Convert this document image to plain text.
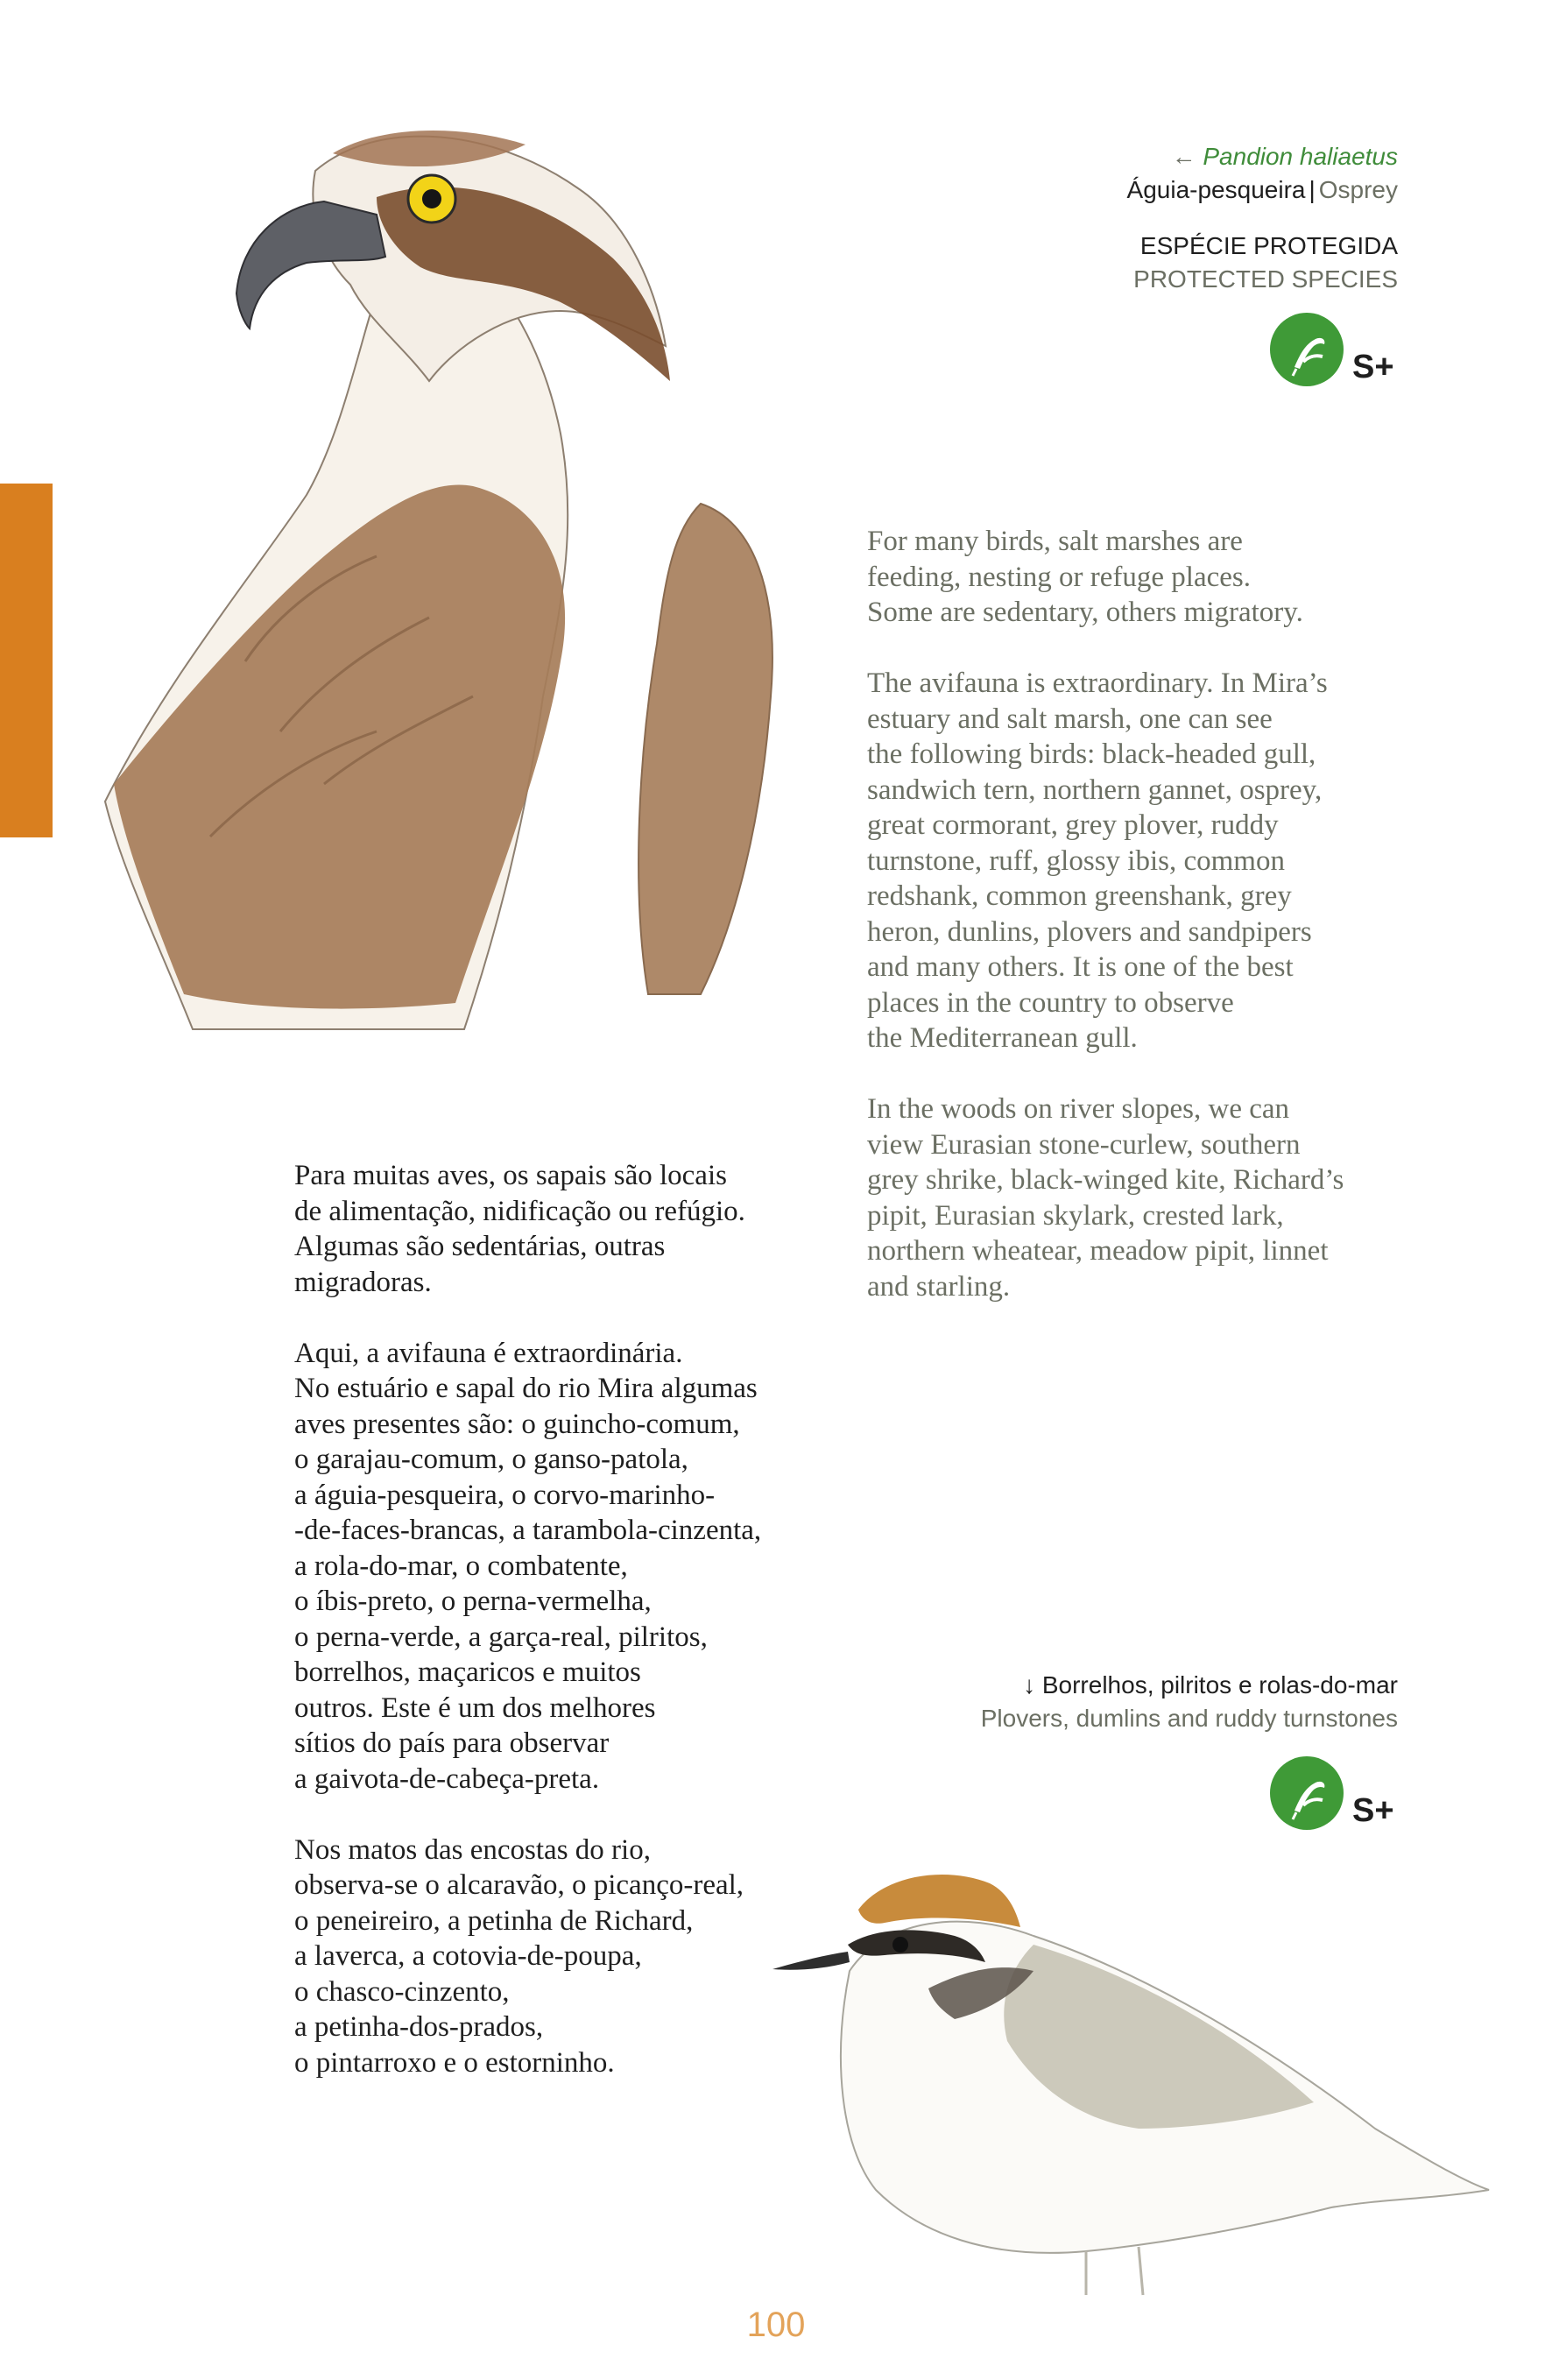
← Pandion haliaetus
Águia-pesqueira | Osprey
ESPÉCIE PROTEGIDA
PROTECTED SPECIES
S+

For many birds, salt marshes are
feeding, nesting or refuge places.
Some are sedentary, others migratory.

The avifauna is extraordinary. In Mira’s
estuary and salt marsh, one can see
the following birds: black-headed gull,
sandwich tern, northern gannet, osprey,
great cormorant, grey plover, ruddy
turnstone, ruff, glossy ibis, common
redshank, common greenshank, grey
heron, dunlins, plovers and sandpipers
and many others. It is one of the best
places in the country to observe
the Mediterranean gull.

In the woods on river slopes, we can
view Eurasian stone-curlew, southern
grey shrike, black-winged kite, Richard’s
pipit, Eurasian skylark, crested lark,
northern wheatear, meadow pipit, linnet
and starling.

Para muitas aves, os sapais são locais
de alimentação, nidificação ou refúgio.
Algumas são sedentárias, outras
migradoras.

Aqui, a avifauna é extraordinária.
No estuário e sapal do rio Mira algumas
aves presentes são: o guincho-comum,
o garajau-comum, o ganso-patola,
a águia-pesqueira, o corvo-marinho-
-de-faces-brancas, a tarambola-cinzenta,
a rola-do-mar, o combatente,
o íbis-preto, o perna-vermelha,
o perna-verde, a garça-real, pilritos,
borrelhos, maçaricos e muitos
outros. Este é um dos melhores
sítios do país para observar
a gaivota-de-cabeça-preta.

Nos matos das encostas do rio,
observa-se o alcaravão, o picanço-real,
o peneireiro, a petinha de Richard,
a laverca, a cotovia-de-poupa,
o chasco-cinzento,
a petinha-dos-prados,
o pintarroxo e o estorninho.

↓ Borrelhos, pilritos e rolas-do-mar
Plovers, dumlins and ruddy turnstones
S+
100
